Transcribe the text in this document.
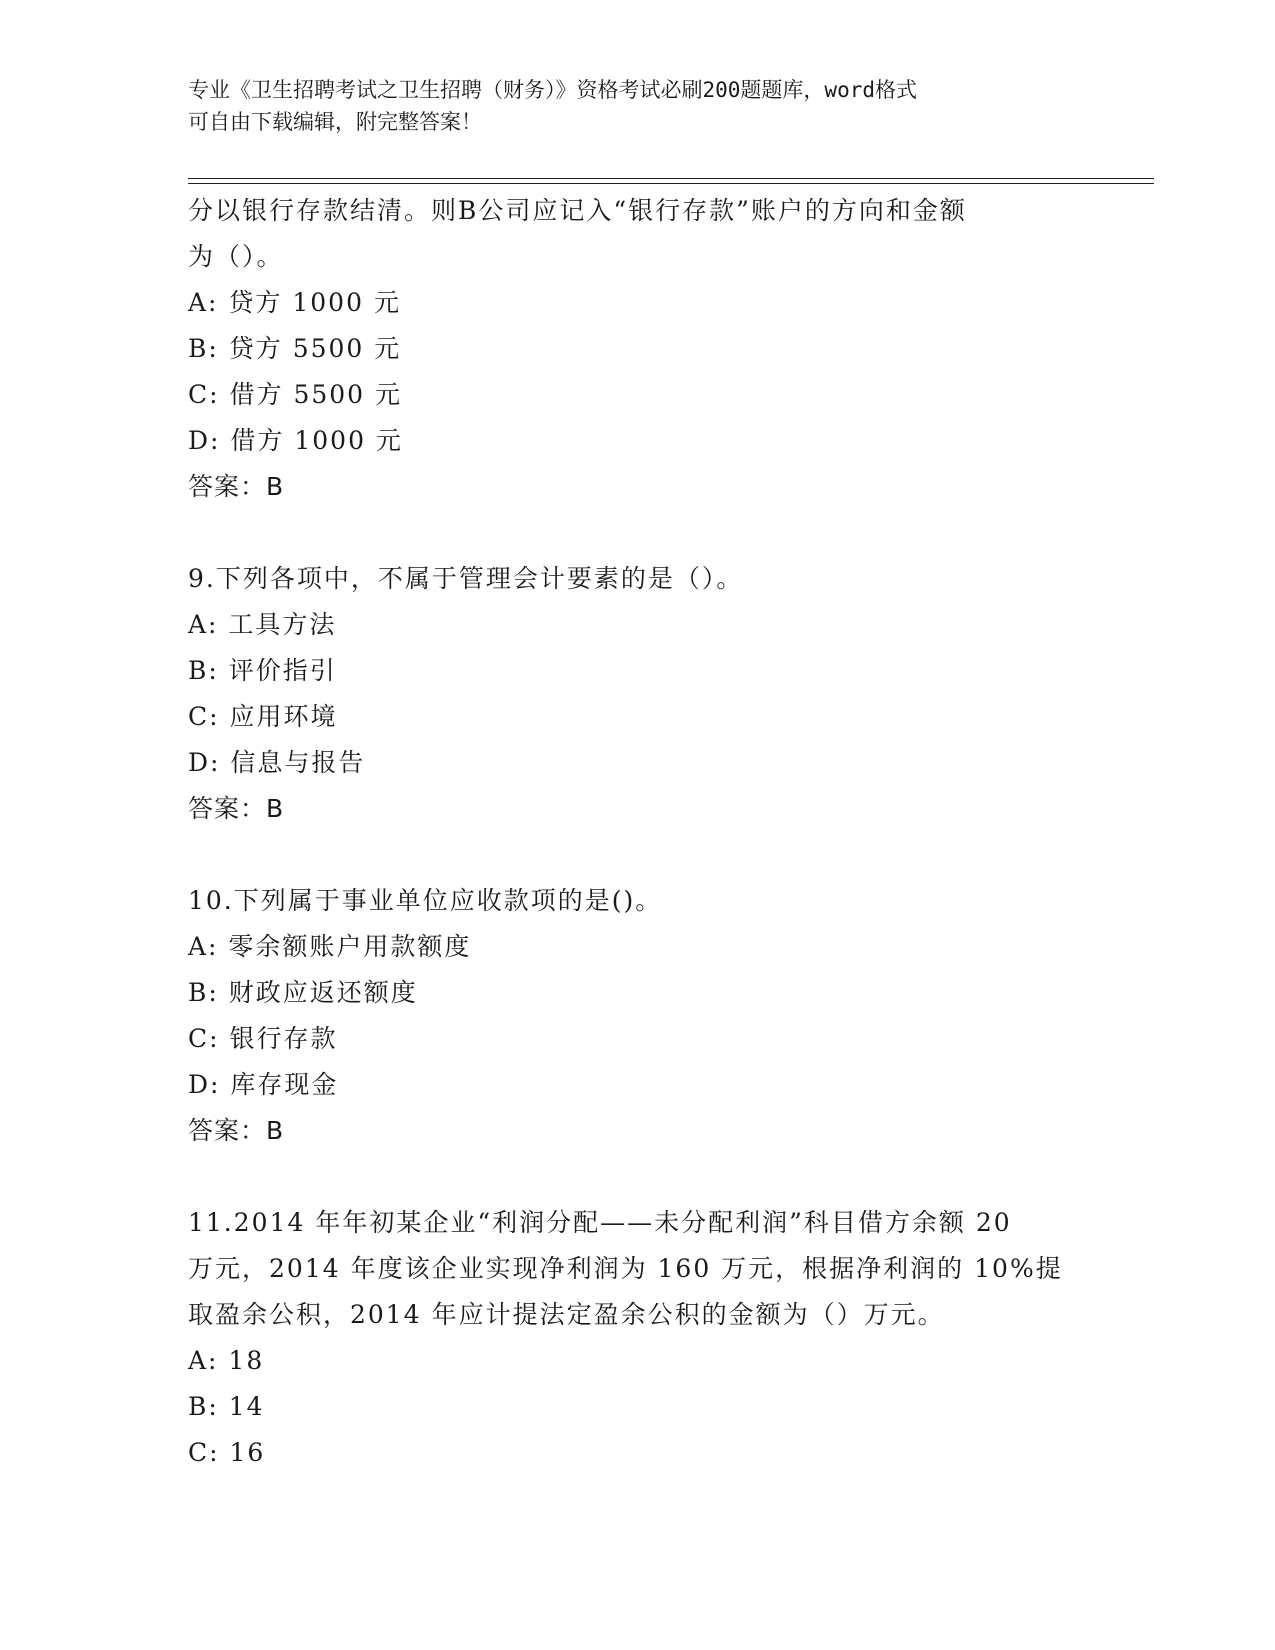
专业《卫生招聘考试之卫生招聘（财务）》资格考试必刷200题题库，word格式
可自由下载编辑，附完整答案！
分以银行存款结清。则B公司应记入“银行存款”账户的方向和金额
为（）。
A: 贷方 1000 元
B: 贷方 5500 元
C: 借方 5500 元
D: 借方 1000 元
答案：B
9.下列各项中，不属于管理会计要素的是（）。
A: 工具方法
B: 评价指引
C: 应用环境
D: 信息与报告
答案：B
10.下列属于事业单位应收款项的是()。
A: 零余额账户用款额度
B: 财政应返还额度
C: 银行存款
D: 库存现金
答案：B
11.2014 年年初某企业“利润分配——未分配利润”科目借方余额 20
万元，2014 年度该企业实现净利润为 160 万元，根据净利润的 10%提
取盈余公积，2014 年应计提法定盈余公积的金额为（）万元。
A: 18
B: 14
C: 16
